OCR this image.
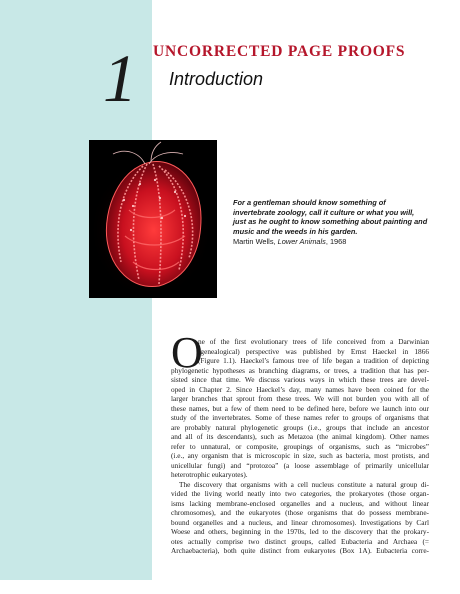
1 UNCORRECTED PAGE PROOFS
Introduction
For a gentleman should know something of invertebrate zoology, call it culture or what you will, just as he ought to know something about painting and music and the weeds in his garden.
Martin Wells, Lower Animals, 1968
O

ne of the first evolutionary trees of life conceived from a Darwinian
(genealogical) perspective was published by Ernst Haeckel in 1866
(Figure 1.1). Haeckel’s famous tree of life began a tradition of depicting
phylogenetic hypotheses as branching diagrams, or trees, a tradition that has per-
sisted since that time. We discuss various ways in which these trees are devel-
oped in Chapter 2. Since Haeckel’s day, many names have been coined for the
larger branches that sprout from these trees. We will not burden you with all of
these names, but a few of them need to be defined here, before we launch into our
study of the invertebrates. Some of these names refer to groups of organisms that
are probably natural phylogenetic groups (i.e., groups that include an ancestor
and all of its descendants), such as Metazoa (the animal kingdom). Other names
refer to unnatural, or composite, groupings of organisms, such as “microbes”
(i.e., any organism that is microscopic in size, such as bacteria, most protists, and
unicellular fungi) and “protozoa” (a loose assemblage of primarily unicellular
heterotrophic eukaryotes).

The discovery that organisms with a cell nucleus constitute a natural group di-
vided the living world neatly into two categories, the prokaryotes (those organ-
isms lacking membrane-enclosed organelles and a nucleus, and without linear
chromosomes), and the eukaryotes (those organisms that do possess membrane-
bound organelles and a nucleus, and linear chromosomes). Investigations by Carl
Woese and others, beginning in the 1970s, led to the discovery that the prokary-
otes actually comprise two distinct groups, called Eubacteria and Archaea (=
Archaebacteria), both quite distinct from eukaryotes (Box 1A). Eubacteria corre-
